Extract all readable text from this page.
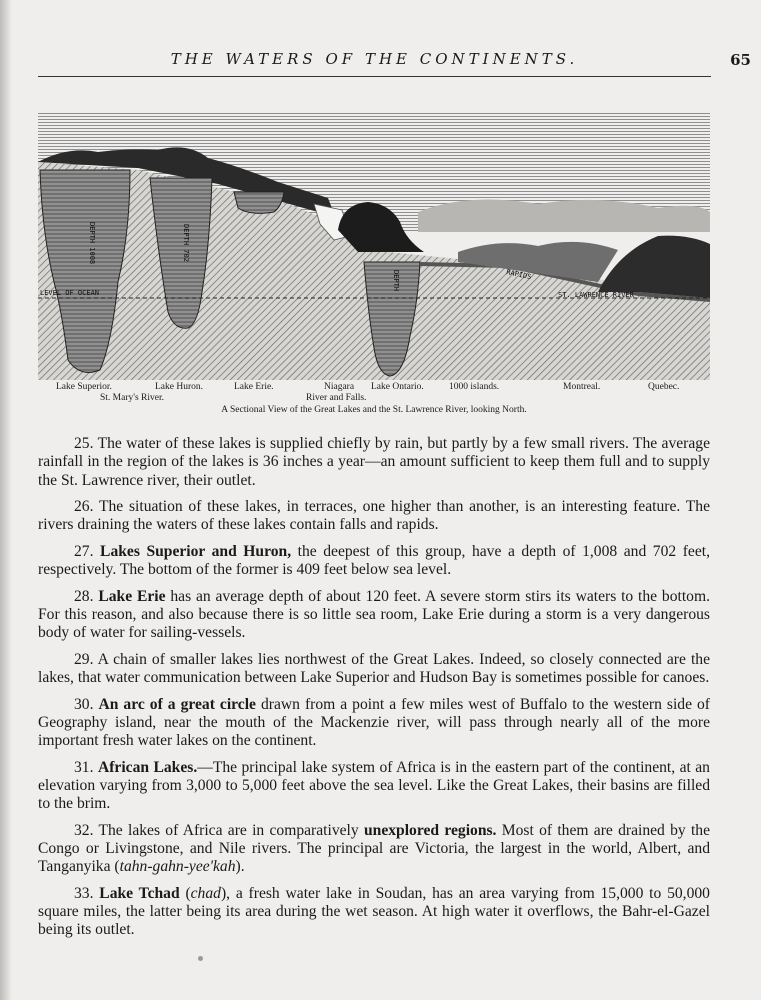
THE WATERS OF THE CONTINENTS.	65
DEPTH 1008	DEPTH 702
DEPTH
LEVEL OF OCEAN
RAPIDS
ST. LAWRENCE RIVER
Lake Superior.
St. Mary's River.
Lake Huron.	Lake Erie.	Niagara
River and Falls.
Lake Ontario.	1000 islands.	Montreal.	Quebec.
A Sectional View of the Great Lakes and the St. Lawrence River, looking North.

25. The water of these lakes is supplied chiefly by rain, but partly by a few small rivers. The average rainfall in the region of the lakes is 36 inches a year—an amount sufficient to keep them full and to supply the St. Lawrence river, their outlet.

26. The situation of these lakes, in terraces, one higher than another, is an interesting feature. The rivers draining the waters of these lakes contain falls and rapids.

27. Lakes Superior and Huron, the deepest of this group, have a depth of 1,008 and 702 feet, respectively. The bottom of the former is 409 feet below sea level.

28. Lake Erie has an average depth of about 120 feet. A severe storm stirs its waters to the bottom. For this reason, and also because there is so little sea room, Lake Erie during a storm is a very dangerous body of water for sailing-vessels.

29. A chain of smaller lakes lies northwest of the Great Lakes. Indeed, so closely connected are the lakes, that water communication between Lake Superior and Hudson Bay is sometimes possible for canoes.

30. An arc of a great circle drawn from a point a few miles west of Buffalo to the western side of Geography island, near the mouth of the Mackenzie river, will pass through nearly all of the more important fresh water lakes on the continent.

31. African Lakes.—The principal lake system of Africa is in the eastern part of the continent, at an elevation varying from 3,000 to 5,000 feet above the sea level. Like the Great Lakes, their basins are filled to the brim.

32. The lakes of Africa are in comparatively unexplored regions. Most of them are drained by the Congo or Livingstone, and Nile rivers. The principal are Victoria, the largest in the world, Albert, and Tanganyika (tahn-gahn-yee'kah).

33. Lake Tchad (chad), a fresh water lake in Soudan, has an area varying from 15,000 to 50,000 square miles, the latter being its area during the wet season. At high water it overflows, the Bahr-el-Gazel being its outlet.
